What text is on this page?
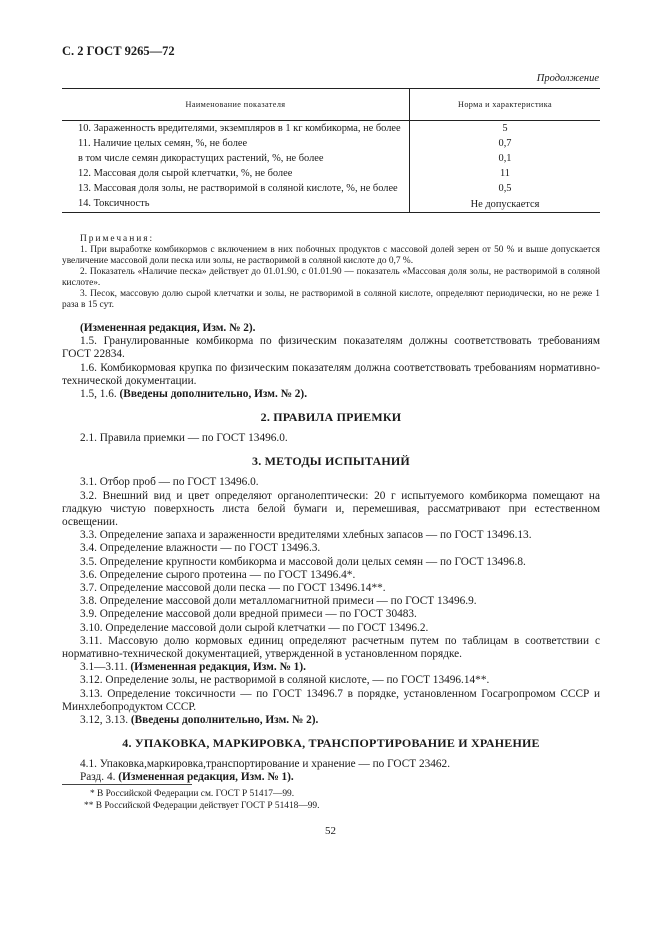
С. 2 ГОСТ 9265—72
Продолжение
Наименование показателя	Норма и характеристика
10. Зараженность вредителями, экземпляров в 1 кг комбикорма, не более	5
11. Наличие целых семян, %, не более	0,7
в том числе семян дикорастущих растений, %, не более	0,1
12. Массовая доля сырой клетчатки, %, не более	11
13. Массовая доля золы, не растворимой в соляной кислоте, %, не более	0,5
14. Токсичность	Не допускается

Примечания:

1. При выработке комбикормов с включением в них побочных продуктов с массовой долей зерен от 50 % и выше допускается увеличение массовой доли песка или золы, не растворимой в соляной кислоте до 0,7 %.

2. Показатель «Наличие песка» действует до 01.01.90, с 01.01.90 — показатель «Массовая доля золы, не растворимой в соляной кислоте».

3. Песок, массовую долю сырой клетчатки и золы, не растворимой в соляной кислоте, определяют периодически, но не реже 1 раза в 15 сут.

(Измененная редакция, Изм. № 2).

1.5. Гранулированные комбикорма по физическим показателям должны соответствовать требованиям ГОСТ 22834.

1.6. Комбикормовая крупка по физическим показателям должна соответствовать требованиям нормативно-технической документации.

1.5, 1.6. (Введены дополнительно, Изм. № 2).

2. ПРАВИЛА ПРИЕМКИ

2.1. Правила приемки — по ГОСТ 13496.0.

3. МЕТОДЫ ИСПЫТАНИЙ

3.1. Отбор проб — по ГОСТ 13496.0.

3.2. Внешний вид и цвет определяют органолептически: 20 г испытуемого комбикорма помещают на гладкую чистую поверхность листа белой бумаги и, перемешивая, рассматривают при естественном освещении.

3.3. Определение запаха и зараженности вредителями хлебных запасов — по ГОСТ 13496.13.

3.4. Определение влажности — по ГОСТ 13496.3.

3.5. Определение крупности комбикорма и массовой доли целых семян — по ГОСТ 13496.8.

3.6. Определение сырого протеина — по ГОСТ 13496.4*.

3.7. Определение массовой доли песка — по ГОСТ 13496.14**.

3.8. Определение массовой доли металломагнитной примеси — по ГОСТ 13496.9.

3.9. Определение массовой доли вредной примеси — по ГОСТ 30483.

3.10. Определение массовой доли сырой клетчатки — по ГОСТ 13496.2.

3.11. Массовую долю кормовых единиц определяют расчетным путем по таблицам в соответствии с нормативно-технической документацией, утвержденной в установленном порядке.

3.1—3.11. (Измененная редакция, Изм. № 1).

3.12. Определение золы, не растворимой в соляной кислоте, — по ГОСТ 13496.14**.

3.13. Определение токсичности — по ГОСТ 13496.7 в порядке, установленном Госагропромом СССР и Минхлебопродуктом СССР.

3.12, 3.13. (Введены дополнительно, Изм. № 2).

4. УПАКОВКА, МАРКИРОВКА, ТРАНСПОРТИРОВАНИЕ И ХРАНЕНИЕ

4.1. Упаковка,маркировка,транспортирование и хранение — по ГОСТ 23462.

Разд. 4. (Измененная редакция, Изм. № 1).

* В Российской Федерации см. ГОСТ Р 51417—99.
** В Российской Федерации действует ГОСТ Р 51418—99.
52
